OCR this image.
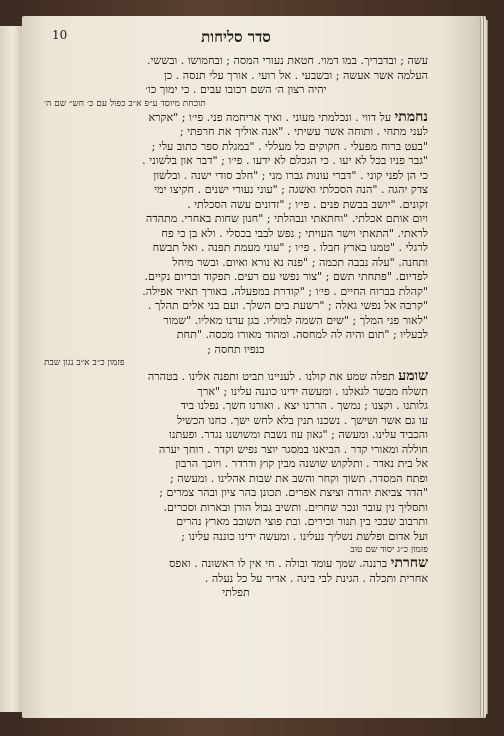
סדר סליחות
10
עשה ; ובדבריך. במו דמוי. חטאת נעורי המסה ; ובחמושו . ובששי.
העלמה אשר אעשה ; ובשבעי . אל רועי . אורך עלי תנסה . כן
יהיה רצון ה׳ השם רכובו עבים . כי ימוך כו׳
תוכחת מיוסד ע״פ א״ב כפול עם כ׳ חש״ שם ה׳
נחמתי על דווי . ונכלמתי מעוני . ואיך אריחמה פני. פי׳ו ; "אקרא
לעני מתחי . ותוחה אשר עשיתי . "אנה אוליך את חרפתי ;
"בעט ברוח מפעלי . חקוקים כל מעללי . "במגלת ספר כתוב עלי ;
"גבר פניו בכל לא יעו . כי הגכלם לא ידעו . פי׳ו ; "דבר און בלשוני .
כי הן לפני קוני . "דברי עונות גברו מני ; "חלב סודי ישנה . ובלשון
צדק יהגה . "הנה הסכלתי ואשגה ; "עוני נעורי ישנים . חקיצו ימי
זקונים. "יושב בבשת פנים . פי׳ו ; "זדונים עשה הסכלתי .
ויום אותם אכלתי. "וחתאתי ונבהלתי ; "חנון שחות באחרי. מתהדה
לראתי. "התאתי וישר העויתי ; נפש לבבי בכסלי . ולא בן כי פח
לרגלי . "טמנו בארץ חבלו . פי׳ו ; "עוני מעמת תפנה . ואל תבשח
ותחנה. "עלה נבבה תכמה ; "פנה נא נורא ואיום. ובשר מיחל
לפדיום. "פתחתי תשם ; "צור נפשי עם רעים. תפקוד ובריום נקיים.
"קהלת בברוח החיים . פי׳ו ; "קודרת במפעלה. באורך תאיר אפילה.
"קרבה אל נפשי גאלה ; "רשעת בים השלך. ועם בני אלים תהלך .
"לאור פני המלך ; "שים השמה למוליו. בגן עדנו מאליו. "שמור
לבעליו ; "תום והיה לה למחסה. ומהוד מאורו מכסה. "תחת
כנפיו תחסה ;
פזמון כ״ב א״ב נגון שבת
שומע תפלה שמע את קולנו . לעניינו תביט ותפנה אלינו . בטהרה
תשלח מבשר לגאלנו . ומעשה ידינו כוננה עלינו ; "ארך
גלותנו . וקצנו ; נמשך . הררנו יצא . ואורנו חשך. נפלנו ביד
עו גם אשר ושישך . נשכנו תנין בלא לחש ישך. כחנו הכשיל
והכביד עלינו. ומעשה ; "גאון עוז נשבת ומשושנו נגדר. ופעתנו
חוללה ומאורי קדר . הביאנו במסגר יוצר נפיש וקדר . רוחך יערה
אל בית נאדר . ותלקוש שושנה מבין קוץ ודרדר . ויוכך הרבון
ופתח המסדר. תשוך וקחר והשב את שבות אהלינו . ומעשה ;
"הדר צביאת יהודה וציצת אפרים. תכונן בהר ציון ובהר צמרים ;
ותסליך נין עובר ונכר שחרים. ותשיב גבול הורן ובארות וסכרים.
ותרבוב שבכי בין תנור וכירים. ובת פוצי תשובב מארץ נהרים
ועל אדום ופלשת נשליך נעלינו . ומעשה ידינו כוננה עלינו ;
פזמון כ״ג יסוד שם טוב
שחרתי ברננה. שמך עומד ובולה . חי אין לו ראשונה . ואפס
אחרית ותכלה . הגינת לבי בינה . אדיר על כל נעלה .
תפלתי
